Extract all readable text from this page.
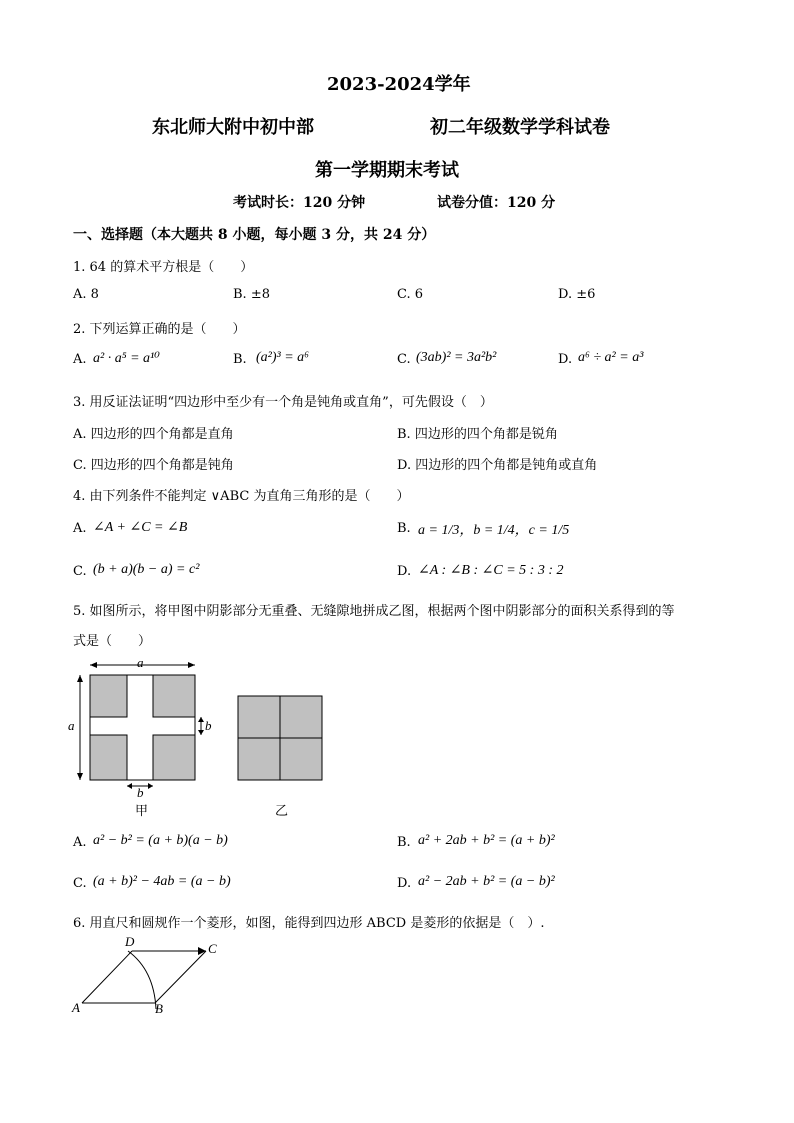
2023-2024学年
东北师大附中初中部	初二年级数学学科试卷
第一学期期末考试
考试时长：120 分钟	试卷分值：120 分
一、选择题（本大题共 8 小题，每小题 3 分，共 24 分）
1. 64 的算术平方根是（　　）
A. 8	B. ±8	C. 6	D. ±6
2. 下列运算正确的是（　　）
A. a² · a⁵ = a¹⁰	B. (a²)³ = a⁶	C. (3ab)² = 3a²b²	D. a⁶ ÷ a² = a³
3. 用反证法证明“四边形中至少有一个角是钝角或直角”，可先假设（　）
A. 四边形的四个角都是直角	B. 四边形的四个角都是锐角
C. 四边形的四个角都是钝角	D. 四边形的四个角都是钝角或直角
4. 由下列条件不能判定 ∨ABC 为直角三角形的是（　　）
A. ∠A + ∠C = ∠B	B. a = 1/3，b = 1/4，c = 1/5
C. (b + a)(b − a) = c²	D. ∠A : ∠B : ∠C = 5 : 3 : 2
5. 如图所示，将甲图中阴影部分无重叠、无缝隙地拼成乙图，根据两个图中阴影部分的面积关系得到的等
式是（　　）
a
a	b
b
甲	乙
A. a² − b² = (a + b)(a − b)	B. a² + 2ab + b² = (a + b)²
C. (a + b)² − 4ab = (a − b)	D. a² − 2ab + b² = (a − b)²
6. 用直尺和圆规作一个菱形，如图，能得到四边形 ABCD 是菱形的依据是（　）.
A	B
C
D
